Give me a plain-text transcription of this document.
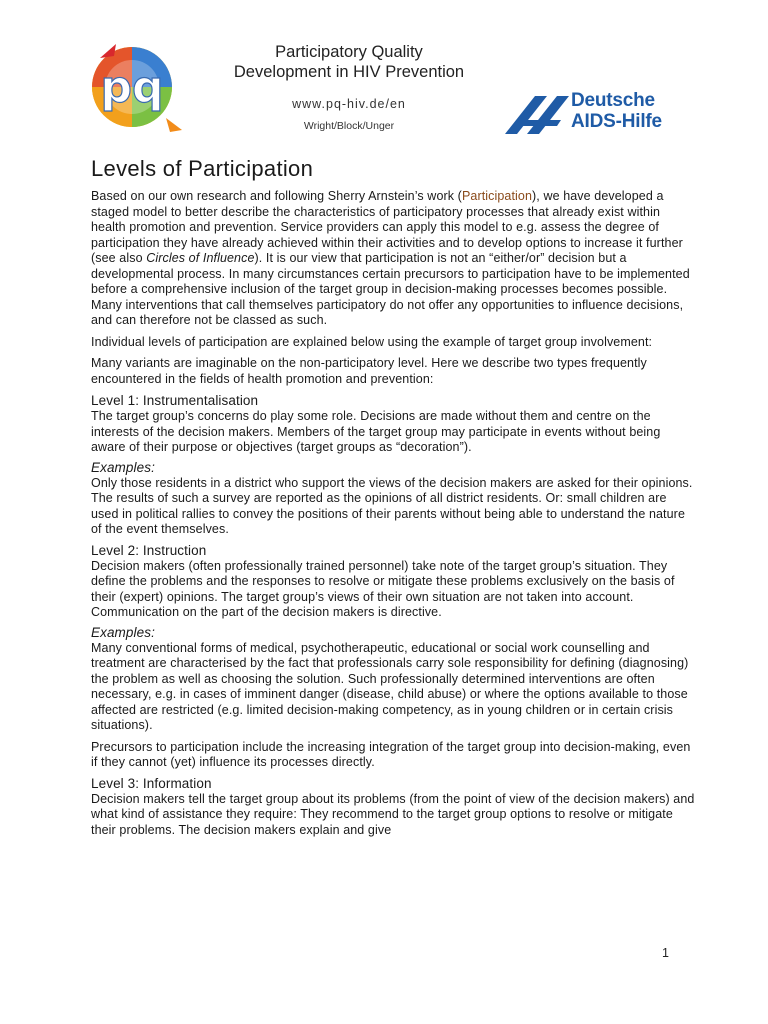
pq
Participatory Quality
Development in HIV Prevention
www.pq-hiv.de/en
Wright/Block/Unger
Deutsche
AIDS-Hilfe
Levels of Participation

Based on our own research and following Sherry Arnstein’s work (Participation), we have developed a staged model to better describe the characteristics of participatory processes that already exist within health promotion and prevention. Service providers can apply this model to e.g. assess the degree of participation they have already achieved within their activities and to develop options to increase it further (see also Circles of Influence). It is our view that participation is not an “either/or” decision but a developmental process. In many circumstances certain precursors to participation have to be implemented before a comprehensive inclusion of the target group in decision-making processes becomes possible. Many interventions that call themselves participatory do not offer any opportunities to influence decisions, and can therefore not be classed as such.

Individual levels of participation are explained below using the example of target group involvement:

Many variants are imaginable on the non-participatory level. Here we describe two types frequently encountered in the fields of health promotion and prevention:

Level 1: Instrumentalisation

The target group’s concerns do play some role. Decisions are made without them and centre on the interests of the decision makers. Members of the target group may participate in events without being aware of their purpose or objectives (target groups as “decoration”).

Examples:

Only those residents in a district who support the views of the decision makers are asked for their opinions. The results of such a survey are reported as the opinions of all district residents. Or: small children are used in political rallies to convey the positions of their parents without being able to understand the nature of the event themselves.

Level 2: Instruction

Decision makers (often professionally trained personnel) take note of the target group’s situation. They define the problems and the responses to resolve or mitigate these problems exclusively on the basis of their (expert) opinions. The target group’s views of their own situation are not taken into account. Communication on the part of the decision makers is directive.

Examples:

Many conventional forms of medical, psychotherapeutic, educational or social work counselling and treatment are characterised by the fact that professionals carry sole responsibility for defining (diagnosing) the problem as well as choosing the solution. Such professionally determined interventions are often necessary, e.g. in cases of imminent danger (disease, child abuse) or where the options available to those affected are restricted (e.g. limited decision-making competency, as in young children or in certain crisis situations).

Precursors to participation include the increasing integration of the target group into decision-making, even if they cannot (yet) influence its processes directly.

Level 3: Information

Decision makers tell the target group about its problems (from the point of view of the decision makers) and what kind of assistance they require: They recommend to the target group options to resolve or mitigate their problems. The decision makers explain and give

1
